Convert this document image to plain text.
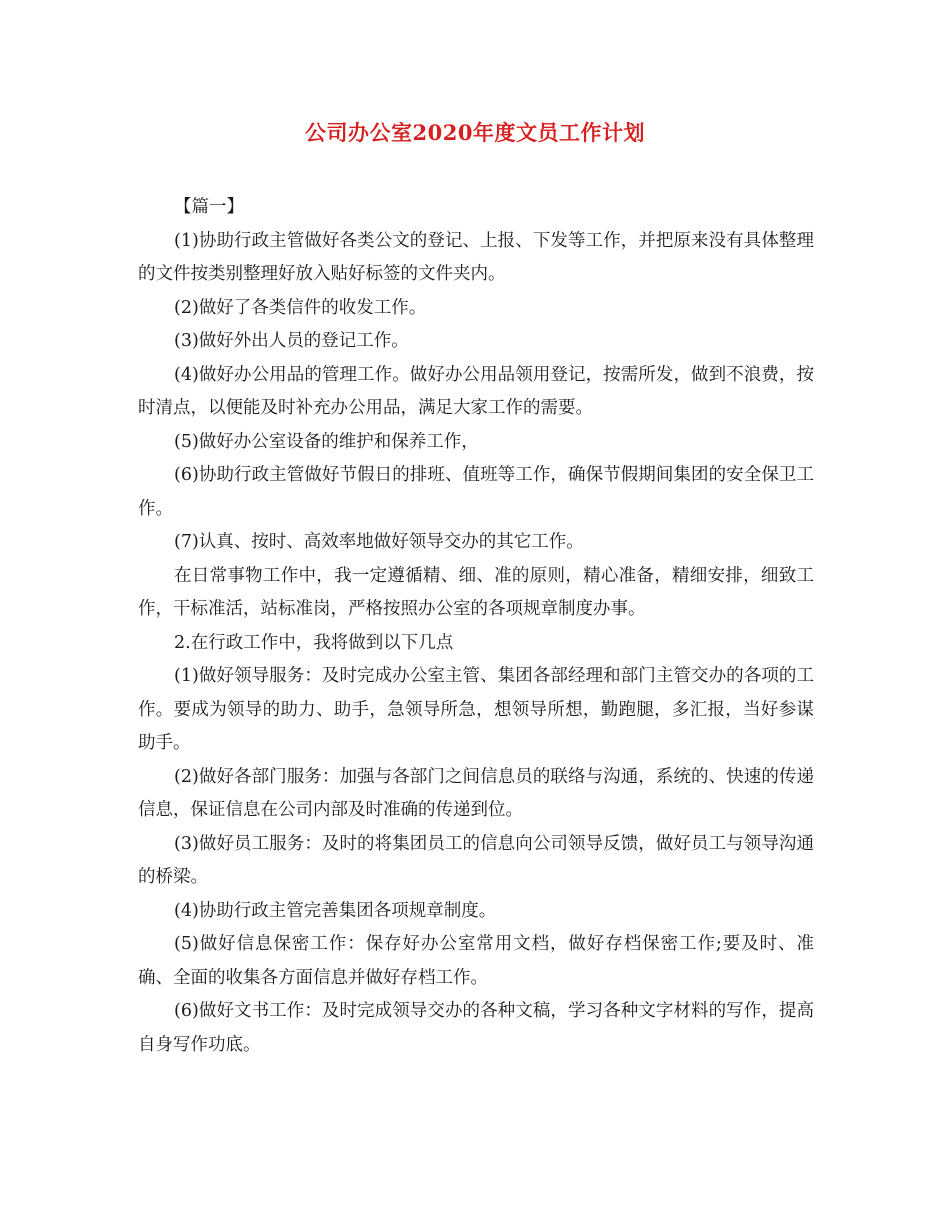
公司办公室2020年度文员工作计划

【篇一】

(1)协助行政主管做好各类公文的登记、上报、下发等工作，并把原来没有具体整理的文件按类别整理好放入贴好标签的文件夹内。

(2)做好了各类信件的收发工作。

(3)做好外出人员的登记工作。

(4)做好办公用品的管理工作。做好办公用品领用登记，按需所发，做到不浪费，按时清点，以便能及时补充办公用品，满足大家工作的需要。

(5)做好办公室设备的维护和保养工作，

(6)协助行政主管做好节假日的排班、值班等工作，确保节假期间集团的安全保卫工作。

(7)认真、按时、高效率地做好领导交办的其它工作。

在日常事物工作中，我一定遵循精、细、准的原则，精心准备，精细安排，细致工作，干标准活，站标准岗，严格按照办公室的各项规章制度办事。

2.在行政工作中，我将做到以下几点

(1)做好领导服务：及时完成办公室主管、集团各部经理和部门主管交办的各项的工作。要成为领导的助力、助手，急领导所急，想领导所想，勤跑腿，多汇报，当好参谋助手。

(2)做好各部门服务：加强与各部门之间信息员的联络与沟通，系统的、快速的传递信息，保证信息在公司内部及时准确的传递到位。

(3)做好员工服务：及时的将集团员工的信息向公司领导反馈，做好员工与领导沟通的桥梁。

(4)协助行政主管完善集团各项规章制度。

(5)做好信息保密工作：保存好办公室常用文档，做好存档保密工作;要及时、准确、全面的收集各方面信息并做好存档工作。

(6)做好文书工作：及时完成领导交办的各种文稿，学习各种文字材料的写作，提高自身写作功底。
